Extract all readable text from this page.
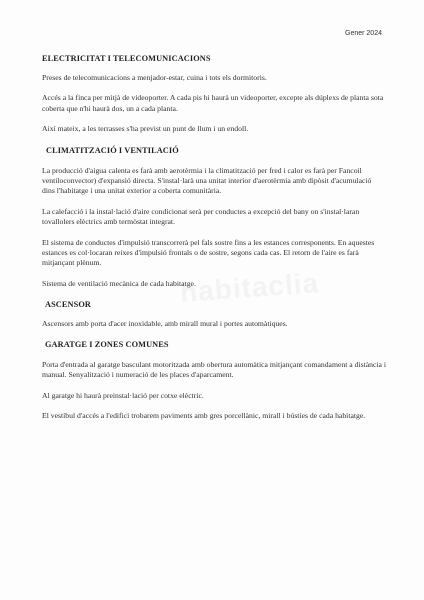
Gener 2024
habitaclia
ELECTRICITAT I TELECOMUNICACIONS

Preses de telecomunicacions a menjador-estar, cuina i tots els dormitoris.

Accés a la finca per mitjà de videoporter. A cada pis hi haurà un videoporter, excepte als dúplexs de planta sota coberta que n'hi haurà dos, un a cada planta.

Així mateix, a les terrasses s'ha previst un punt de llum i un endoll.

CLIMATITZACIÓ I VENTILACIÓ

La producció d'aigua calenta es farà amb aerotèrmia i la climatització per fred i calor es farà per Fancoil ventiloconvector) d'expansió directa. S'instal·larà una unitat interior d'aerotèrmia amb dipòsit d'acumulació dins l'habitatge i una unitat exterior a coberta comunitària.

La calefacció i la instal·lació d'aire condicionat serà per conductes a excepció del bany on s'instal·laran tovallolers elèctrics amb termòstat integrat.

El sistema de conductes d'impulsió transcorrerà pel fals sostre fins a les estances corresponents. En aquestes estances es col·locaran reixes d'impulsió frontals o de sostre, segons cada cas. El retorn de l'aire es farà mitjançant plènum.

Sistema de ventilació mecànica de cada habitatge.

ASCENSOR

Ascensors amb porta d'acer inoxidable, amb mirall mural i portes automàtiques.

GARATGE I ZONES COMUNES

Porta d'entrada al garatge basculant motoritzada amb obertura automàtica mitjançant comandament a distància i manual. Senyalització i numeració de les places d'aparcament.

Al garatge hi haurà preinstal·lació per cotxe elèctric.

El vestíbul d'accés a l'edifici trobarem paviments amb gres porcellànic, mirall i bústies de cada habitatge.
